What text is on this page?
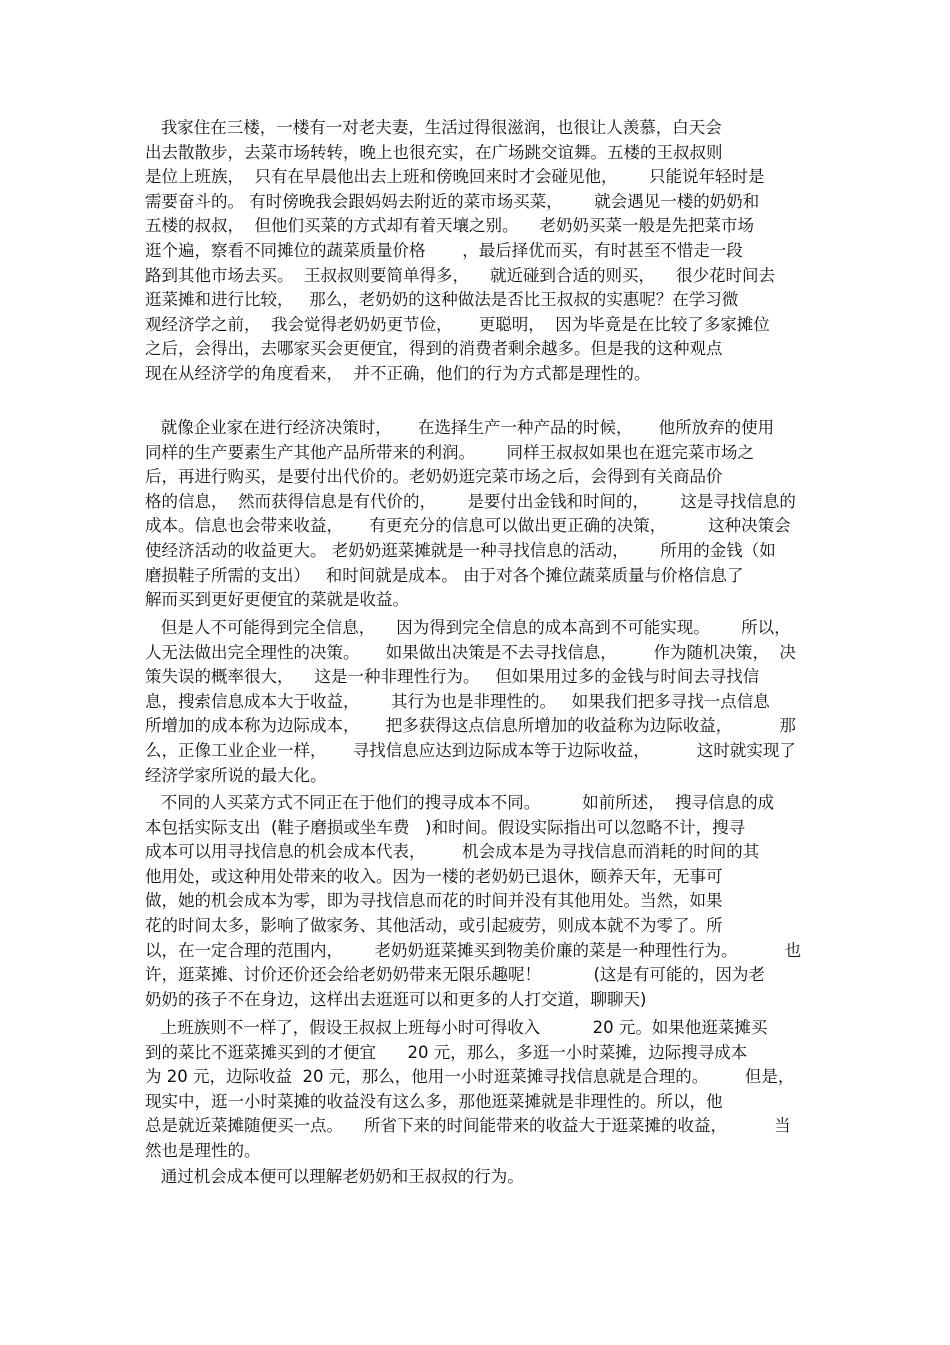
我家住在三楼，一楼有一对老夫妻，生活过得很滋润，也很让人羡慕，白天会
出去散散步，去菜市场转转，晚上也很充实，在广场跳交谊舞。五楼的王叔叔则
是位上班族，  只有在早晨他出去上班和傍晚回来时才会碰见他，      只能说年轻时是
需要奋斗的。 有时傍晚我会跟妈妈去附近的菜市场买菜，      就会遇见一楼的奶奶和
五楼的叔叔，  但他们买菜的方式却有着天壤之别。    老奶奶买菜一般是先把菜市场
逛个遍，察看不同摊位的蔬菜质量价格       ，最后择优而买，有时甚至不惜走一段
路到其他市场去买。  王叔叔则要简单得多，    就近碰到合适的则买，    很少花时间去
逛菜摊和进行比较，   那么，老奶奶的这种做法是否比王叔叔的实惠呢？在学习微
观经济学之前，  我会觉得老奶奶更节俭，     更聪明，  因为毕竟是在比较了多家摊位
之后，会得出，去哪家买会更便宜，得到的消费者剩余越多。但是我的这种观点
现在从经济学的角度看来，  并不正确，他们的行为方式都是理性的。
就像企业家在进行经济决策时，     在选择生产一种产品的时候，     他所放弃的使用
同样的生产要素生产其他产品所带来的利润。      同样王叔叔如果也在逛完菜市场之
后，再进行购买，是要付出代价的。老奶奶逛完菜市场之后，会得到有关商品价
格的信息，  然而获得信息是有代价的，      是要付出金钱和时间的，      这是寻找信息的
成本。信息也会带来收益，     有更充分的信息可以做出更正确的决策，        这种决策会
使经济活动的收益更大。 老奶奶逛菜摊就是一种寻找信息的活动，      所用的金钱（如
磨损鞋子所需的支出）   和时间就是成本。 由于对各个摊位蔬菜质量与价格信息了
解而买到更好更便宜的菜就是收益。
但是人不可能得到完全信息，    因为得到完全信息的成本高到不可能实现。      所以，
人无法做出完全理性的决策。     如果做出决策是不去寻找信息，       作为随机决策，  决
策失误的概率很大，    这是一种非理性行为。   但如果用过多的金钱与时间去寻找信
息，搜索信息成本大于收益，      其行为也是非理性的。   如果我们把多寻找一点信息
所增加的成本称为边际成本，     把多获得这点信息所增加的收益称为边际收益，         那
么，正像工业企业一样，     寻找信息应达到边际成本等于边际收益，         这时就实现了
经济学家所说的最大化。
不同的人买菜方式不同正在于他们的搜寻成本不同。        如前所述，  搜寻信息的成
本包括实际支出  (鞋子磨损或坐车费   )和时间。假设实际指出可以忽略不计，搜寻
成本可以用寻找信息的机会成本代表，       机会成本是为寻找信息而消耗的时间的其
他用处，或这种用处带来的收入。因为一楼的老奶奶已退休，颐养天年，无事可
做，她的机会成本为零，即为寻找信息而花的时间并没有其他用处。当然，如果
花的时间太多，影响了做家务、其他活动，或引起疲劳，则成本就不为零了。所
以，在一定合理的范围内，      老奶奶逛菜摊买到物美价廉的菜是一种理性行为。         也
许，逛菜摊、讨价还价还会给老奶奶带来无限乐趣呢！          (这是有可能的，因为老
奶奶的孩子不在身边，这样出去逛逛可以和更多的人打交道，聊聊天)
上班族则不一样了，假设王叔叔上班每小时可得收入          20 元。如果他逛菜摊买
到的菜比不逛菜摊买到的才便宜      20 元，那么，多逛一小时菜摊，边际搜寻成本
为 20 元，边际收益  20 元，那么，他用一小时逛菜摊寻找信息就是合理的。       但是，
现实中，逛一小时菜摊的收益没有这么多，那他逛菜摊就是非理性的。所以，他
总是就近菜摊随便买一点。    所省下来的时间能带来的收益大于逛菜摊的收益，         当
然也是理性的。
通过机会成本便可以理解老奶奶和王叔叔的行为。
